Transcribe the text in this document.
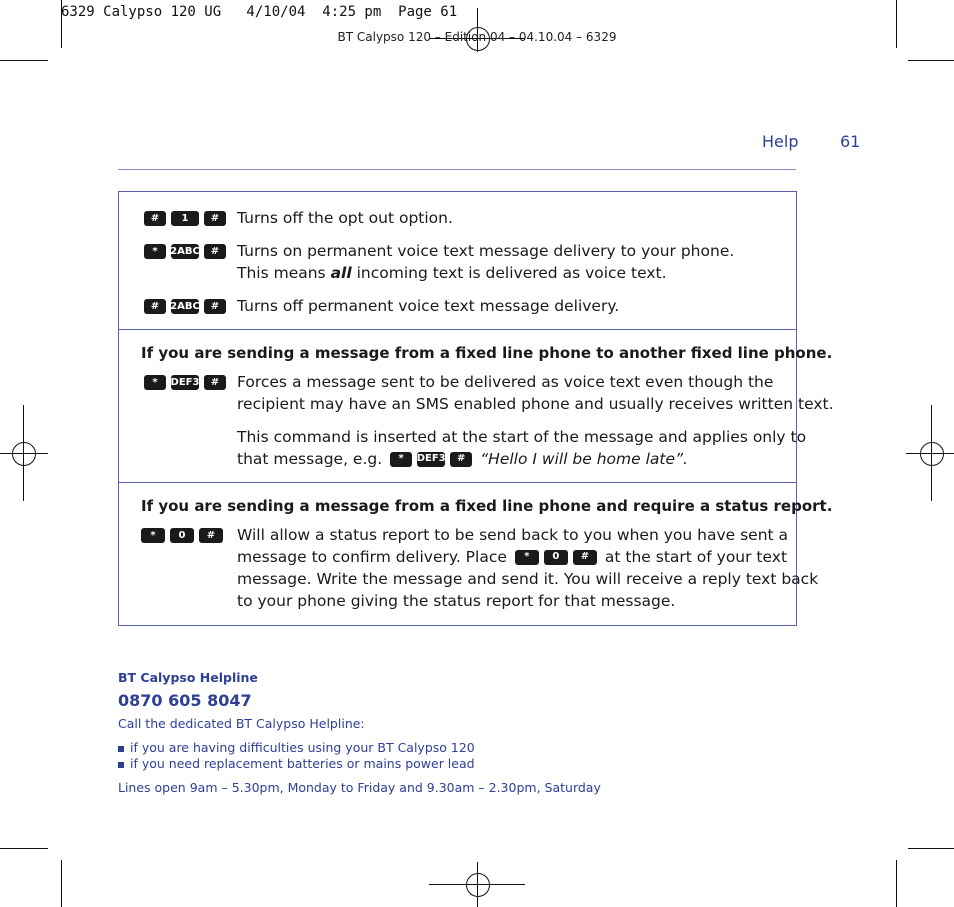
6329 Calypso 120 UG   4/10/04  4:25 pm  Page 61
BT Calypso 120 – Edition 04 – 04.10.04 – 6329
Help	61
#	1	#	Turns off the opt out option.
*	2ABC	#	Turns on permanent voice text message delivery to your phone.
This means all incoming text is delivered as voice text.
#	2ABC	#	Turns off permanent voice text message delivery.
If you are sending a message from a fixed line phone to another fixed line phone.
*	DEF3	#	Forces a message sent to be delivered as voice text even though the
recipient may have an SMS enabled phone and usually receives written text.
This command is inserted at the start of the message and applies only to
that message, e.g.	*	DEF3	# “Hello I will be home late”.
If you are sending a message from a fixed line phone and require a status report.
*	0	#	Will allow a status report to be send back to you when you have sent a
message to confirm delivery. Place	*	0	#	at the start of your text
message. Write the message and send it. You will receive a reply text back
to your phone giving the status report for that message.
BT Calypso Helpline
0870 605 8047
Call the dedicated BT Calypso Helpline:
if you are having difficulties using your BT Calypso 120
if you need replacement batteries or mains power lead
Lines open 9am – 5.30pm, Monday to Friday and 9.30am – 2.30pm, Saturday
